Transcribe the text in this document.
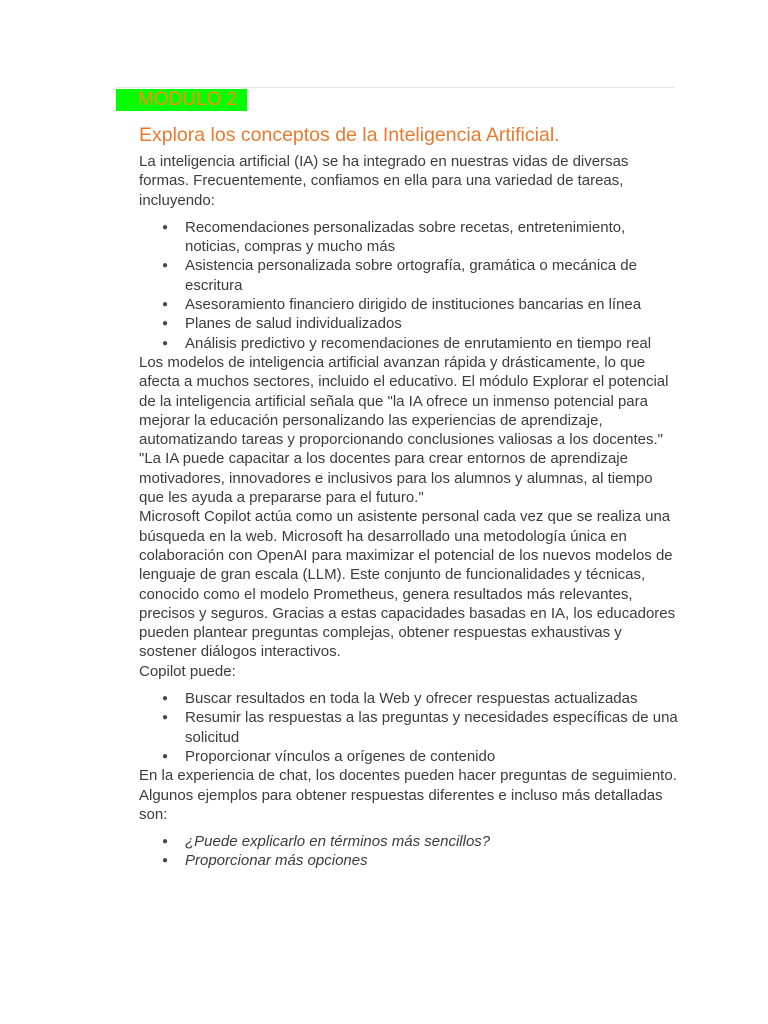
MÓDULO 2
Explora los conceptos de la Inteligencia Artificial.

La inteligencia artificial (IA) se ha integrado en nuestras vidas de diversas formas. Frecuentemente, confiamos en ella para una variedad de tareas, incluyendo:

● Recomendaciones personalizadas sobre recetas, entretenimiento, noticias, compras y mucho más
● Asistencia personalizada sobre ortografía, gramática o mecánica de escritura
● Asesoramiento financiero dirigido de instituciones bancarias en línea
● Planes de salud individualizados
● Análisis predictivo y recomendaciones de enrutamiento en tiempo real

Los modelos de inteligencia artificial avanzan rápida y drásticamente, lo que afecta a muchos sectores, incluido el educativo. El módulo Explorar el potencial de la inteligencia artificial señala que "la IA ofrece un inmenso potencial para mejorar la educación personalizando las experiencias de aprendizaje, automatizando tareas y proporcionando conclusiones valiosas a los docentes."

"La IA puede capacitar a los docentes para crear entornos de aprendizaje motivadores, innovadores e inclusivos para los alumnos y alumnas, al tiempo que les ayuda a prepararse para el futuro."

Microsoft Copilot actúa como un asistente personal cada vez que se realiza una búsqueda en la web. Microsoft ha desarrollado una metodología única en colaboración con OpenAI para maximizar el potencial de los nuevos modelos de lenguaje de gran escala (LLM). Este conjunto de funcionalidades y técnicas, conocido como el modelo Prometheus, genera resultados más relevantes, precisos y seguros. Gracias a estas capacidades basadas en IA, los educadores pueden plantear preguntas complejas, obtener respuestas exhaustivas y sostener diálogos interactivos.

Copilot puede:

● Buscar resultados en toda la Web y ofrecer respuestas actualizadas
● Resumir las respuestas a las preguntas y necesidades específicas de una solicitud
● Proporcionar vínculos a orígenes de contenido

En la experiencia de chat, los docentes pueden hacer preguntas de seguimiento. Algunos ejemplos para obtener respuestas diferentes e incluso más detalladas son:

● ¿Puede explicarlo en términos más sencillos?
● Proporcionar más opciones
